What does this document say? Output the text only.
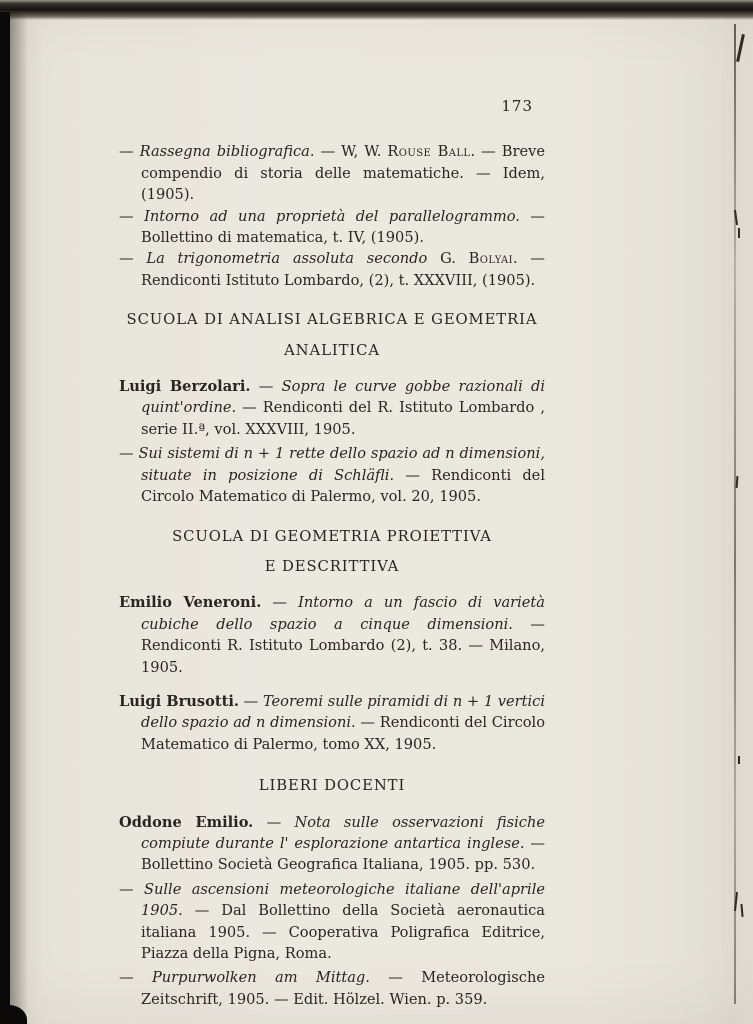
173

— Rassegna bibliografica. — W, W. Rouse Ball. — Breve compendio di storia delle matematiche. — Idem, (1905).

— Intorno ad una proprietà del parallelogrammo. — Bollettino di matematica, t. IV, (1905).

— La trigonometria assoluta secondo G. Bolyai. — Rendiconti Istituto Lombardo, (2), t. XXXVIII, (1905).

SCUOLA DI ANALISI ALGEBRICA E GEOMETRIA

ANALITICA

Luigi Berzolari. — Sopra le curve gobbe razionali di quint'ordine. — Rendiconti del R. Istituto Lombardo , serie II.ª, vol. XXXVIII, 1905.

— Sui sistemi di n + 1 rette dello spazio ad n dimensioni, situate in posizione di Schläfli. — Rendiconti del Circolo Matematico di Palermo, vol. 20, 1905.

SCUOLA DI GEOMETRIA PROIETTIVA

E DESCRITTIVA

Emilio Veneroni. — Intorno a un fascio di varietà cubiche dello spazio a cinque dimensioni. — Rendiconti R. Istituto Lombardo (2), t. 38. — Milano, 1905.

Luigi Brusotti. — Teoremi sulle piramidi di n + 1 vertici dello spazio ad n dimensioni. — Rendiconti del Circolo Matematico di Palermo, tomo XX, 1905.

LIBERI DOCENTI

Oddone Emilio. — Nota sulle osservazioni fisiche compiute durante l' esplorazione antartica inglese. — Bollettino Società Geografica Italiana, 1905. pp. 530.

— Sulle ascensioni meteorologiche italiane dell'aprile 1905. — Dal Bollettino della Società aeronautica italiana 1905. — Cooperativa Poligrafica Editrice, Piazza della Pigna, Roma.

— Purpurwolken am Mittag. — Meteorologische Zeitschrift, 1905. — Edit. Hölzel. Wien. p. 359.
